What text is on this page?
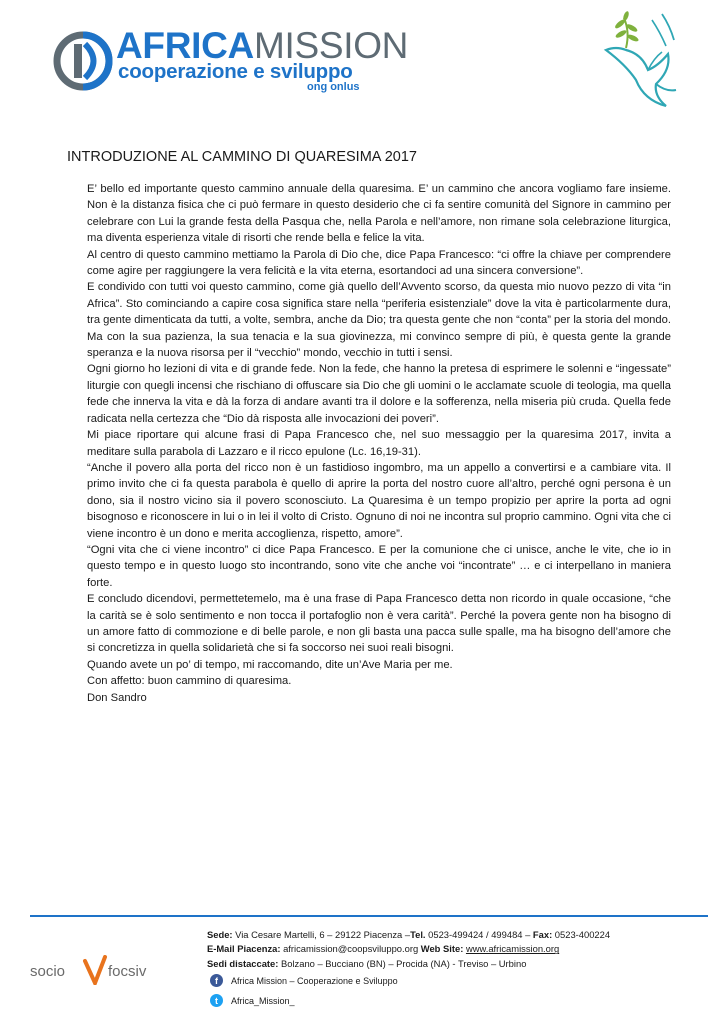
AFRICAMISSION
cooperazione e sviluppo
ong onlus
INTRODUZIONE AL CAMMINO DI QUARESIMA 2017

E’ bello ed importante questo cammino annuale della quaresima. E’ un cammino che ancora vogliamo fare insieme. Non è la distanza fisica che ci può fermare in questo desiderio che ci fa sentire comunità del Signore in cammino per celebrare con Lui la grande festa della Pasqua che, nella Parola e nell’amore, non rimane sola celebrazione liturgica, ma diventa esperienza vitale di risorti che rende bella e felice la vita.

Al centro di questo cammino mettiamo la Parola di Dio che, dice Papa Francesco: “ci offre la chiave per comprendere come agire per raggiungere la vera felicità e la vita eterna, esortandoci ad una sincera conversione”.

E condivido con tutti voi questo cammino, come già quello dell’Avvento scorso, da questa mio nuovo pezzo di vita “in Africa”. Sto cominciando a capire cosa significa stare nella “periferia esistenziale” dove la vita è particolarmente dura, tra gente dimenticata da tutti, a volte, sembra, anche da Dio; tra questa gente che non “conta” per la storia del mondo.

Ma con la sua pazienza, la sua tenacia e la sua giovinezza, mi convinco sempre di più, è questa gente la grande speranza e la nuova risorsa per il “vecchio” mondo, vecchio in tutti i sensi.

Ogni giorno ho lezioni di vita e di grande fede. Non la fede, che hanno la pretesa di esprimere le solenni e “ingessate” liturgie con quegli incensi che rischiano di offuscare sia Dio che gli uomini o le acclamate scuole di teologia, ma quella fede che innerva la vita e dà la forza di andare avanti tra il dolore e la sofferenza, nella miseria più cruda. Quella fede radicata nella certezza che “Dio dà risposta alle invocazioni dei poveri”.

Mi piace riportare qui alcune frasi di Papa Francesco che, nel suo messaggio per la quaresima 2017, invita a meditare sulla parabola di Lazzaro e il ricco epulone (Lc. 16,19-31).

“Anche il povero alla porta del ricco non è un fastidioso ingombro, ma un appello a convertirsi e a cambiare vita. Il primo invito che ci fa questa parabola è quello di aprire la porta del nostro cuore all’altro, perché ogni persona è un dono, sia il nostro vicino sia il povero sconosciuto. La Quaresima è un tempo propizio per aprire la porta ad ogni bisognoso e riconoscere in lui o in lei il volto di Cristo. Ognuno di noi ne incontra sul proprio cammino. Ogni vita che ci viene incontro è un dono e merita accoglienza, rispetto, amore”.

“Ogni vita che ci viene incontro” ci dice Papa Francesco. E per la comunione che ci unisce, anche le vite, che io in questo tempo e in questo luogo sto incontrando, sono vite che anche voi “incontrate” … e ci interpellano in maniera forte.

E concludo dicendovi, permettetemelo, ma è una frase di Papa Francesco detta non ricordo in quale occasione, “che la carità se è solo sentimento e non tocca il portafoglio non è vera carità”. Perché la povera gente non ha bisogno di un amore fatto di commozione e di belle parole, e non gli basta una pacca sulle spalle, ma ha bisogno dell’amore che si concretizza in quella solidarietà che si fa soccorso nei suoi reali bisogni.

Quando avete un po’ di tempo, mi raccomando, dite un’Ave Maria per me.

Con affetto: buon cammino di quaresima.

Don Sandro

socio	focsiv
Sede: Via Cesare Martelli, 6 – 29122 Piacenza –Tel. 0523-499424 / 499484 – Fax: 0523-400224
E-Mail Piacenza: africamission@coopsviluppo.org Web Site: www.africamission.org
Sedi distaccate: Bolzano – Bucciano (BN) – Procida (NA) - Treviso – Urbino
f	Africa Mission – Cooperazione e Sviluppo
t	Africa_Mission_
